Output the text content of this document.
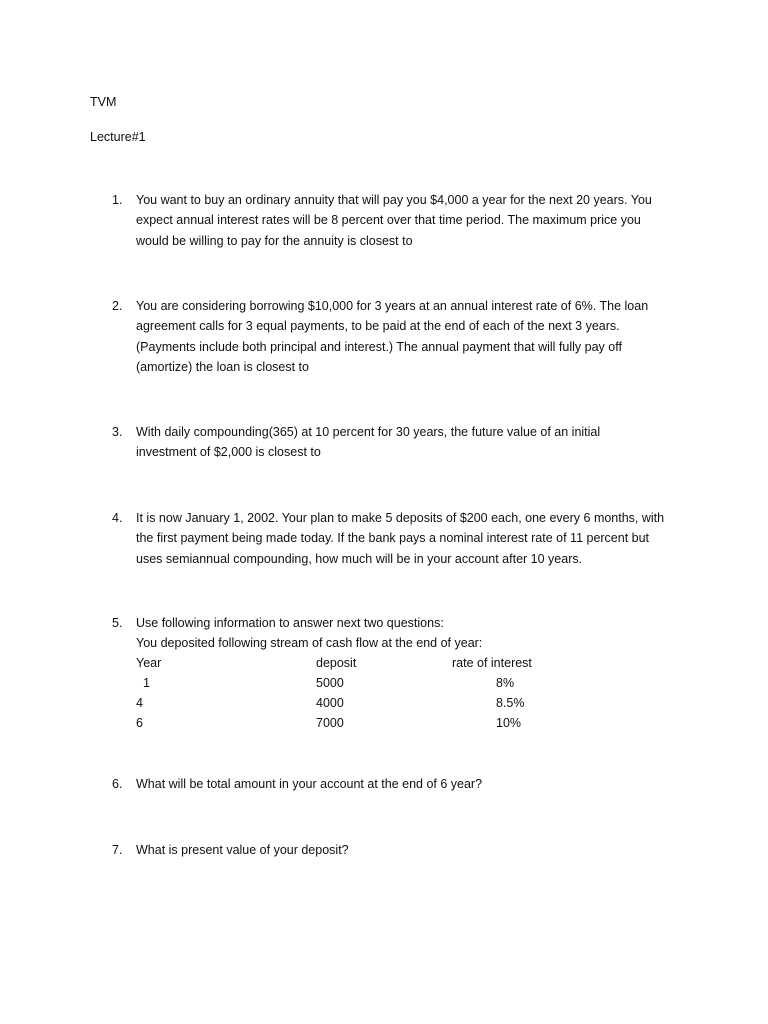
TVM
Lecture#1
1. You want to buy an ordinary annuity that will pay you $4,000 a year for the next 20 years. You
expect annual interest rates will be 8 percent over that time period. The maximum price you
would be willing to pay for the annuity is closest to
2. You are considering borrowing $10,000 for 3 years at an annual interest rate of 6%. The loan
agreement calls for 3 equal payments, to be paid at the end of each of the next 3 years.
(Payments include both principal and interest.) The annual payment that will fully pay off
(amortize) the loan is closest to
3. With daily compounding(365) at 10 percent for 30 years, the future value of an initial
investment of $2,000 is closest to
4. It is now January 1, 2002. Your plan to make 5 deposits of $200 each, one every 6 months, with
the first payment being made today. If the bank pays a nominal interest rate of 11 percent but
uses semiannual compounding, how much will be in your account after 10 years.
5. Use following information to answer next two questions:
You deposited following stream of cash flow at the end of year:
Year	deposit	rate of interest
1	5000	8%
4	4000	8.5%
6	7000	10%
6. What will be total amount in your account at the end of 6 year?
7. What is present value of your deposit?
